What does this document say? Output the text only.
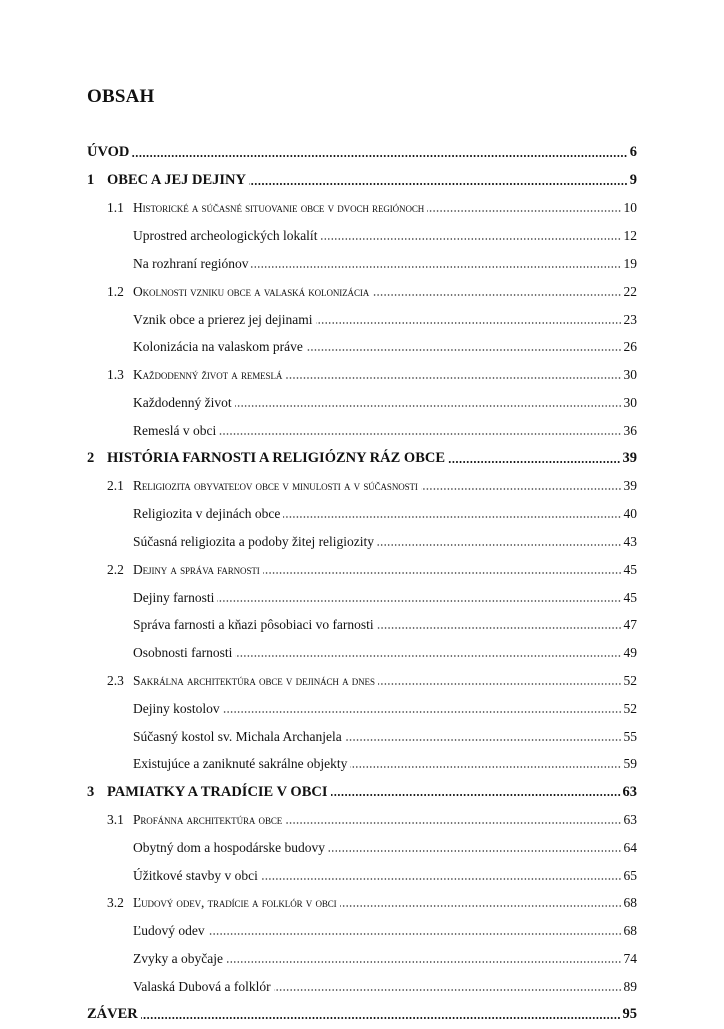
OBSAH
ÚVOD	6
1 OBEC A JEJ DEJINY	9
1.1 Historické a súčasné situovanie obce v dvoch regiónoch	10
Uprostred archeologických lokalít	12
Na rozhraní regiónov	19
1.2 Okolnosti vzniku obce a valaská kolonizácia	22
Vznik obce a prierez jej dejinami	23
Kolonizácia na valaskom práve	26
1.3 Každodenný život a remeslá	30
Každodenný život	30
Remeslá v obci	36
2 HISTÓRIA FARNOSTI A RELIGIÓZNY RÁZ OBCE	39
2.1 Religiozita obyvateľov obce v minulosti a v súčasnosti	39
Religiozita v dejinách obce	40
Súčasná religiozita a podoby žitej religiozity	43
2.2 Dejiny a správa farnosti	45
Dejiny farnosti	45
Správa farnosti a kňazi pôsobiaci vo farnosti	47
Osobnosti farnosti	49
2.3 Sakrálna architektúra obce v dejinách a dnes	52
Dejiny kostolov	52
Súčasný kostol sv. Michala Archanjela	55
Existujúce a zaniknuté sakrálne objekty	59
3 PAMIATKY A TRADÍCIE V OBCI	63
3.1 Profánna architektúra obce	63
Obytný dom a hospodárske budovy	64
Úžitkové stavby v obci	65
3.2 Ľudový odev, tradície a folklór v obci	68
Ľudový odev	68
Zvyky a obyčaje	74
Valaská Dubová a folklór	89
ZÁVER	95
